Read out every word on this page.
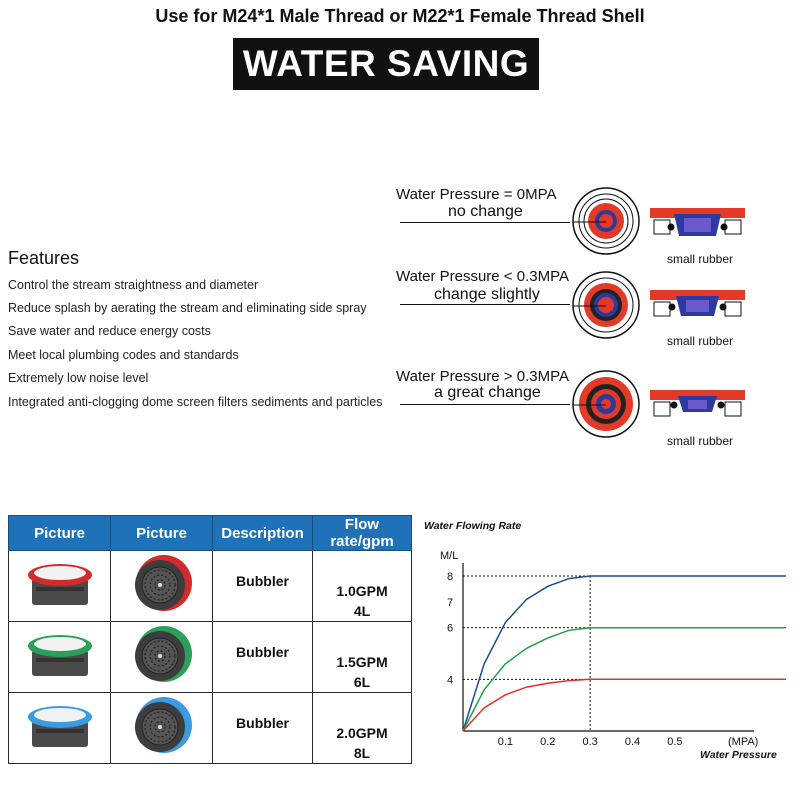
Use for M24*1 Male Thread or M22*1 Female Thread Shell
WATER SAVING
Features
Control the stream straightness and diameter
Reduce splash by aerating the stream and eliminating side spray
Save water and reduce energy costs
Meet local plumbing codes and standards
Extremely low noise level
Integrated anti-clogging dome screen filters sediments and particles
Water Pressure = 0MPA
no change
small rubber
Water Pressure < 0.3MPA
change slightly
small rubber
Water Pressure > 0.3MPA
a great change
small rubber
Picture	Picture	Description	Flow rate/gpm

Bubbler	1.0GPM
4L

Bubbler	1.5GPM
6L

Bubbler	2.0GPM
8L
Water Flowing Rate
M/L
4
6
7
8
0.1 0.2 0.3 0.4 0.5	(MPA)
Water Pressure
